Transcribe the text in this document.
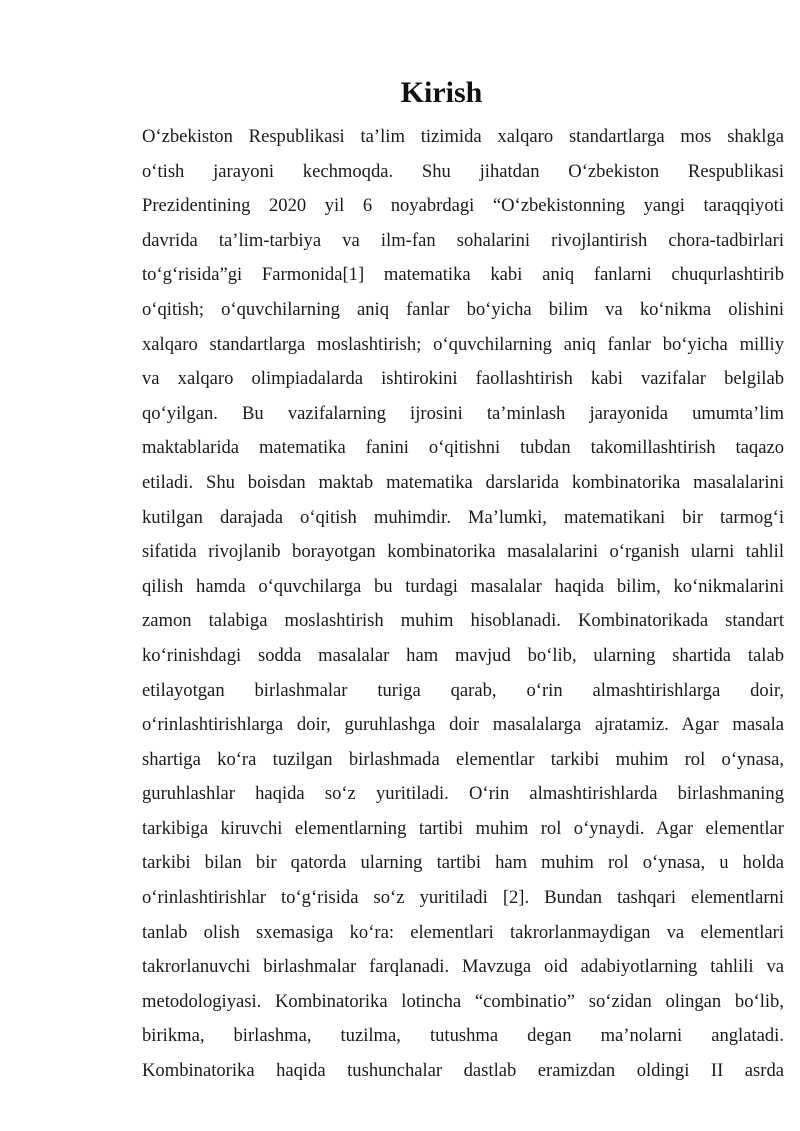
Kirish
O‘zbekiston Respublikasi ta’lim tizimida xalqaro standartlarga mos shaklga
o‘tish jarayoni kechmoqda. Shu jihatdan O‘zbekiston Respublikasi
Prezidentining 2020 yil 6 noyabrdagi “O‘zbekistonning yangi taraqqiyoti
davrida ta’lim-tarbiya va ilm-fan sohalarini rivojlantirish chora-tadbirlari
to‘g‘risida”gi Farmonida[1] matematika kabi aniq fanlarni chuqurlashtirib
o‘qitish; o‘quvchilarning aniq fanlar bo‘yicha bilim va ko‘nikma olishini
xalqaro standartlarga moslashtirish; o‘quvchilarning aniq fanlar bo‘yicha milliy
va xalqaro olimpiadalarda ishtirokini faollashtirish kabi vazifalar belgilab
qo‘yilgan. Bu vazifalarning ijrosini ta’minlash jarayonida umumta’lim
maktablarida matematika fanini o‘qitishni tubdan takomillashtirish taqazo
etiladi. Shu boisdan maktab matematika darslarida kombinatorika masalalarini
kutilgan darajada o‘qitish muhimdir. Ma’lumki, matematikani bir tarmog‘i
sifatida rivojlanib borayotgan kombinatorika masalalarini o‘rganish ularni tahlil
qilish hamda o‘quvchilarga bu turdagi masalalar haqida bilim, ko‘nikmalarini
zamon talabiga moslashtirish muhim hisoblanadi. Kombinatorikada standart
ko‘rinishdagi sodda masalalar ham mavjud bo‘lib, ularning shartida talab
etilayotgan birlashmalar turiga qarab, o‘rin almashtirishlarga doir,
o‘rinlashtirishlarga doir, guruhlashga doir masalalarga ajratamiz. Agar masala
shartiga ko‘ra tuzilgan birlashmada elementlar tarkibi muhim rol o‘ynasa,
guruhlashlar haqida so‘z yuritiladi. O‘rin almashtirishlarda birlashmaning
tarkibiga kiruvchi elementlarning tartibi muhim rol o‘ynaydi. Agar elementlar
tarkibi bilan bir qatorda ularning tartibi ham muhim rol o‘ynasa, u holda
o‘rinlashtirishlar to‘g‘risida so‘z yuritiladi [2]. Bundan tashqari elementlarni
tanlab olish sxemasiga ko‘ra: elementlari takrorlanmaydigan va elementlari
takrorlanuvchi birlashmalar farqlanadi. Mavzuga oid adabiyotlarning tahlili va
metodologiyasi. Kombinatorika lotincha “combinatio” so‘zidan olingan bo‘lib,
birikma, birlashma, tuzilma, tutushma degan ma’nolarni anglatadi.
Kombinatorika haqida tushunchalar dastlab eramizdan oldingi II asrda
